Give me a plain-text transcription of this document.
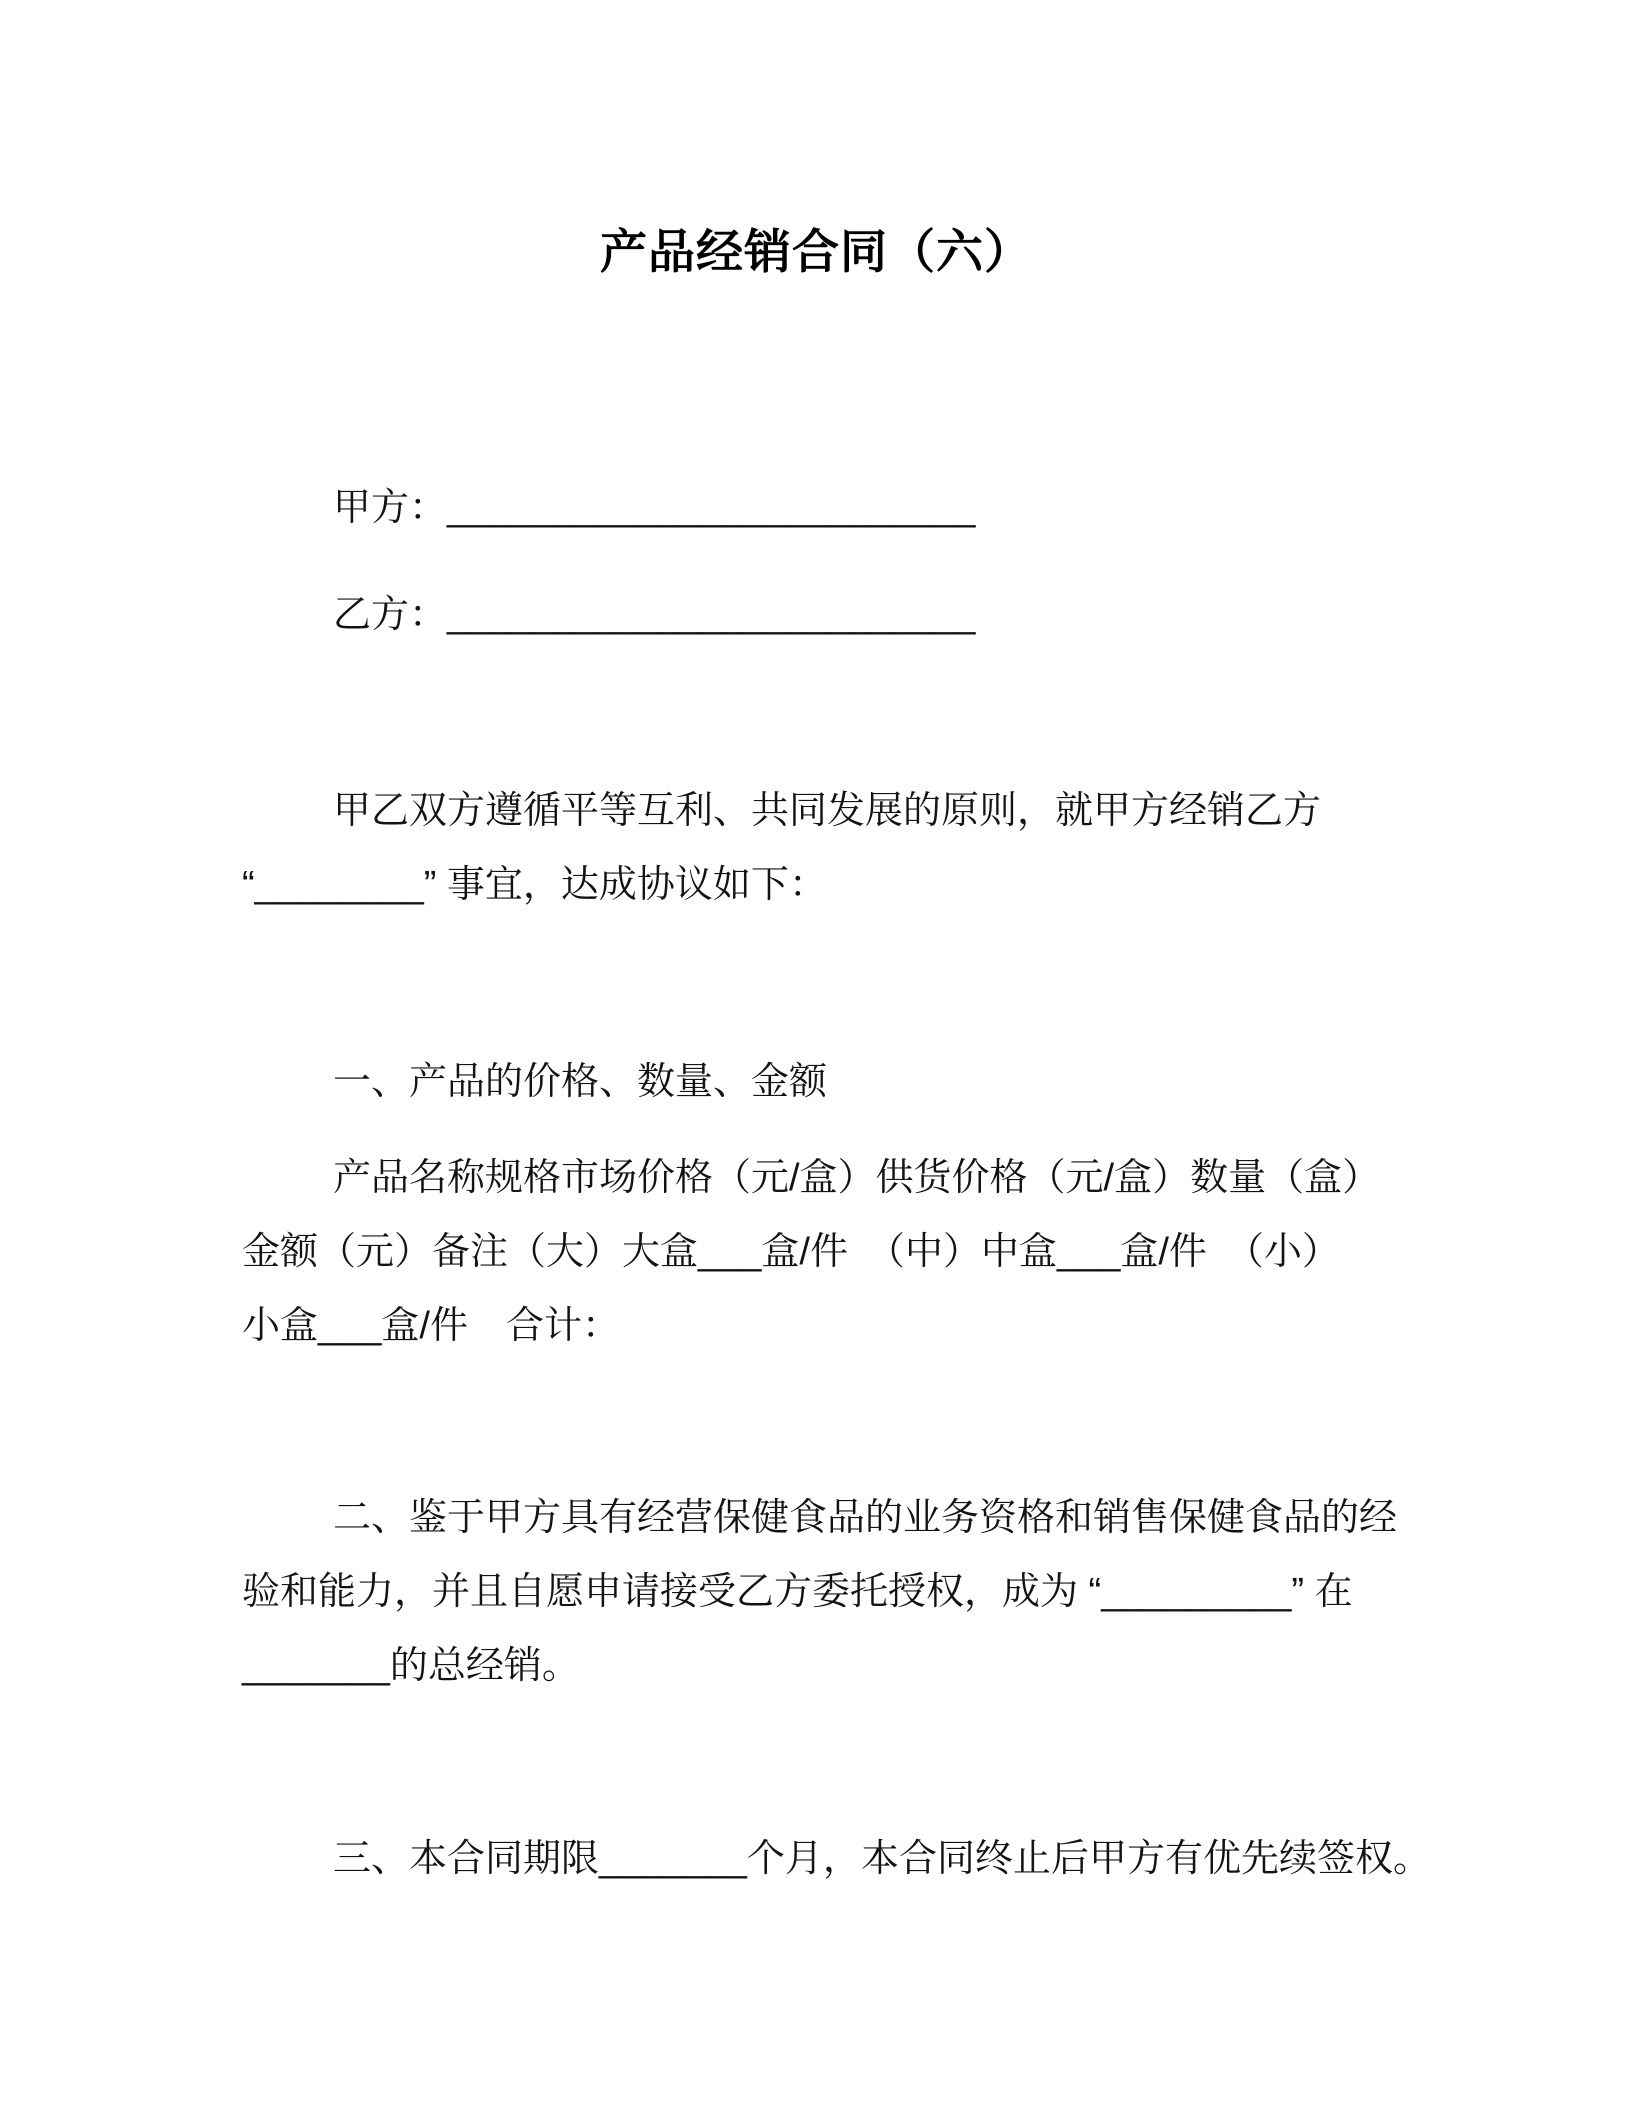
产品经销合同（六）
甲方：_________________________
乙方：_________________________
甲乙双方遵循平等互利、共同发展的原则，就甲方经销乙方
“________” 事宜，达成协议如下：
一、产品的价格、数量、金额
产品名称规格市场价格（元/盒）供货价格（元/盒）数量（盒）
金额（元）备注（大）大盒___盒/件　（中）中盒___盒/件　（小）
小盒___盒/件　合计：
二、鉴于甲方具有经营保健食品的业务资格和销售保健食品的经
验和能力，并且自愿申请接受乙方委托授权，成为 “_________” 在
_______的总经销。
三、本合同期限_______个月，本合同终止后甲方有优先续签权。
